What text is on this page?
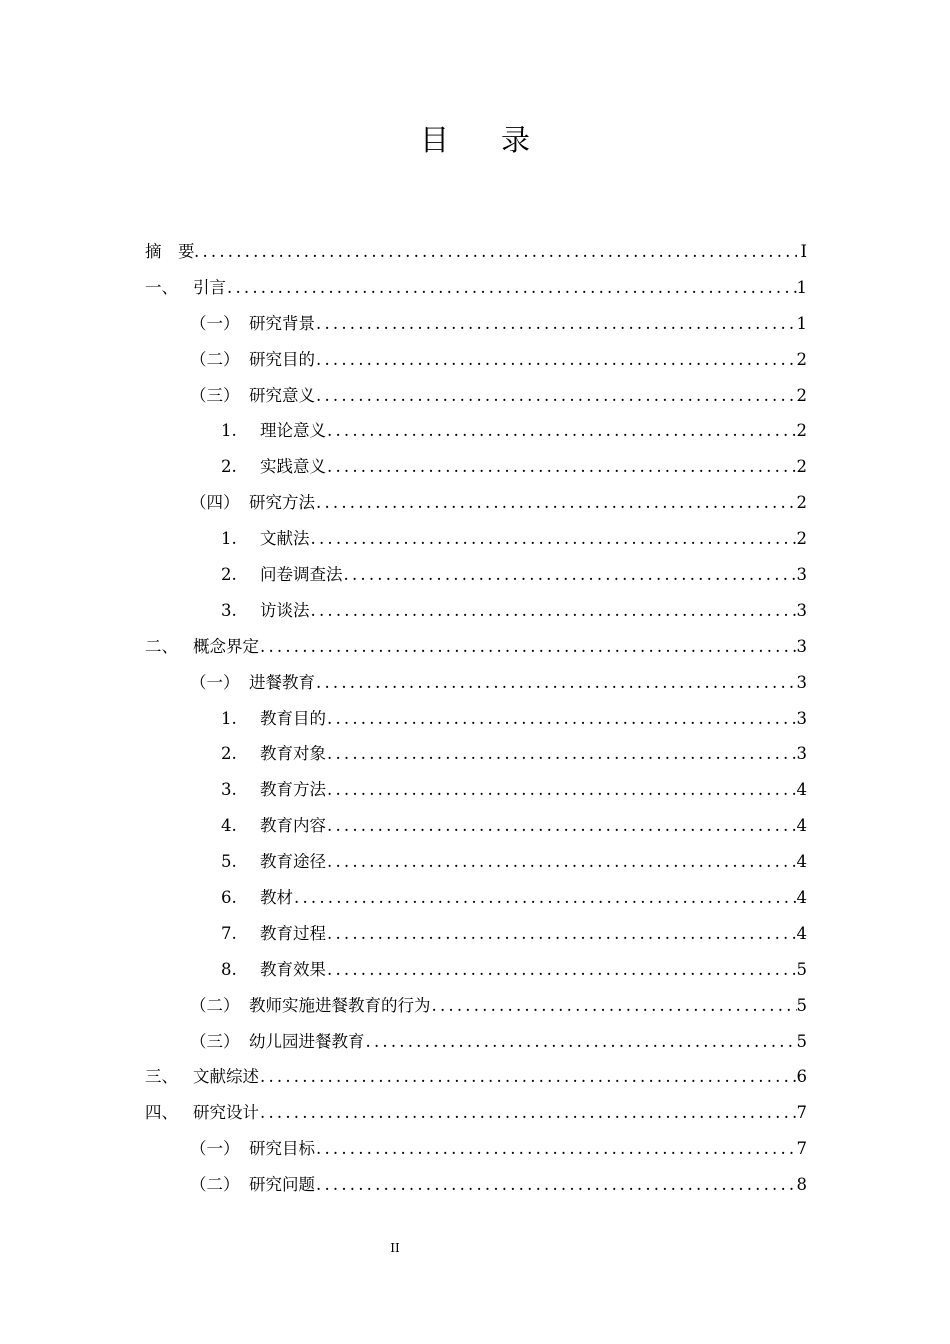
目录
摘　要 .....	I
一、 引言 .....	1
（一） 研究背景 .....	1
（二） 研究目的 .....	2
（三） 研究意义 .....	2
1.	理论意义 .....	2
2.	实践意义 .....	2
（四） 研究方法 .....	2
1.	文献法 .....	2
2.	问卷调查法 .....	3
3.	访谈法 .....	3
二、 概念界定 .....	3
（一） 进餐教育 .....	3
1.	教育目的 .....	3
2.	教育对象 .....	3
3.	教育方法 .....	4
4.	教育内容 .....	4
5.	教育途径 .....	4
6.	教材 .....	4
7.	教育过程 .....	4
8.	教育效果 .....	5
（二） 教师实施进餐教育的行为 .....	5
（三） 幼儿园进餐教育 .....	5
三、 文献综述 .....	6
四、 研究设计 .....	7
（一） 研究目标 .....	7
（二） 研究问题 .....	8
II
